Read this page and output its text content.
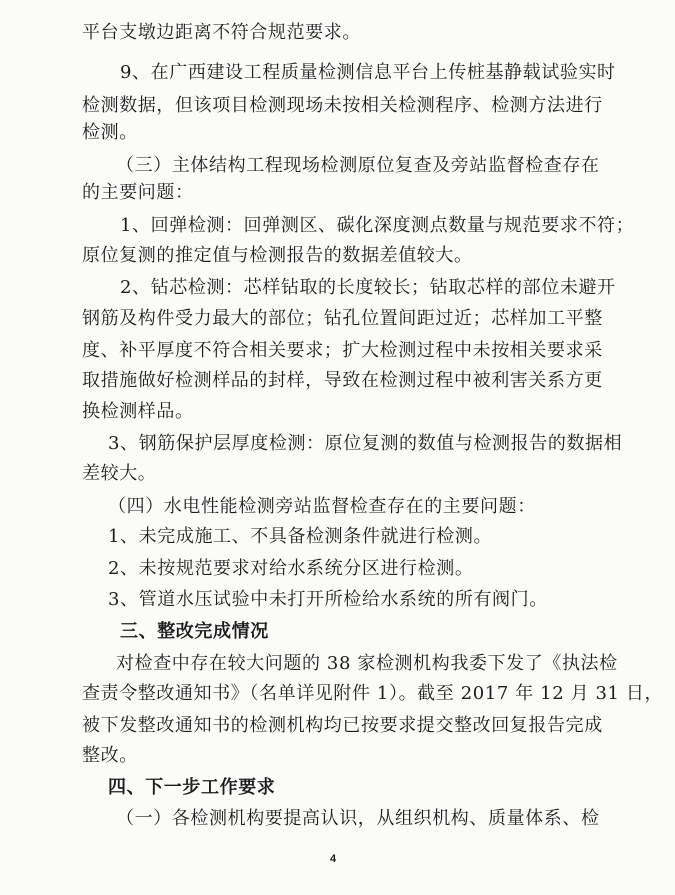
平台支墩边距离不符合规范要求。
9、在广西建设工程质量检测信息平台上传桩基静载试验实时
检测数据，但该项目检测现场未按相关检测程序、检测方法进行
检测。
（三）主体结构工程现场检测原位复查及旁站监督检查存在
的主要问题：
1、回弹检测：回弹测区、碳化深度测点数量与规范要求不符；
原位复测的推定值与检测报告的数据差值较大。
2、钻芯检测：芯样钻取的长度较长；钻取芯样的部位未避开
钢筋及构件受力最大的部位；钻孔位置间距过近；芯样加工平整
度、补平厚度不符合相关要求；扩大检测过程中未按相关要求采
取措施做好检测样品的封样，导致在检测过程中被利害关系方更
换检测样品。
3、钢筋保护层厚度检测：原位复测的数值与检测报告的数据相
差较大。
（四）水电性能检测旁站监督检查存在的主要问题：
1、未完成施工、不具备检测条件就进行检测。
2、未按规范要求对给水系统分区进行检测。
3、管道水压试验中未打开所检给水系统的所有阀门。
三、整改完成情况
对检查中存在较大问题的 38 家检测机构我委下发了《执法检
查责令整改通知书》（名单详见附件 1）。截至 2017 年 12 月 31 日，
被下发整改通知书的检测机构均已按要求提交整改回复报告完成
整改。
四、下一步工作要求
（一）各检测机构要提高认识，从组织机构、质量体系、检
4
